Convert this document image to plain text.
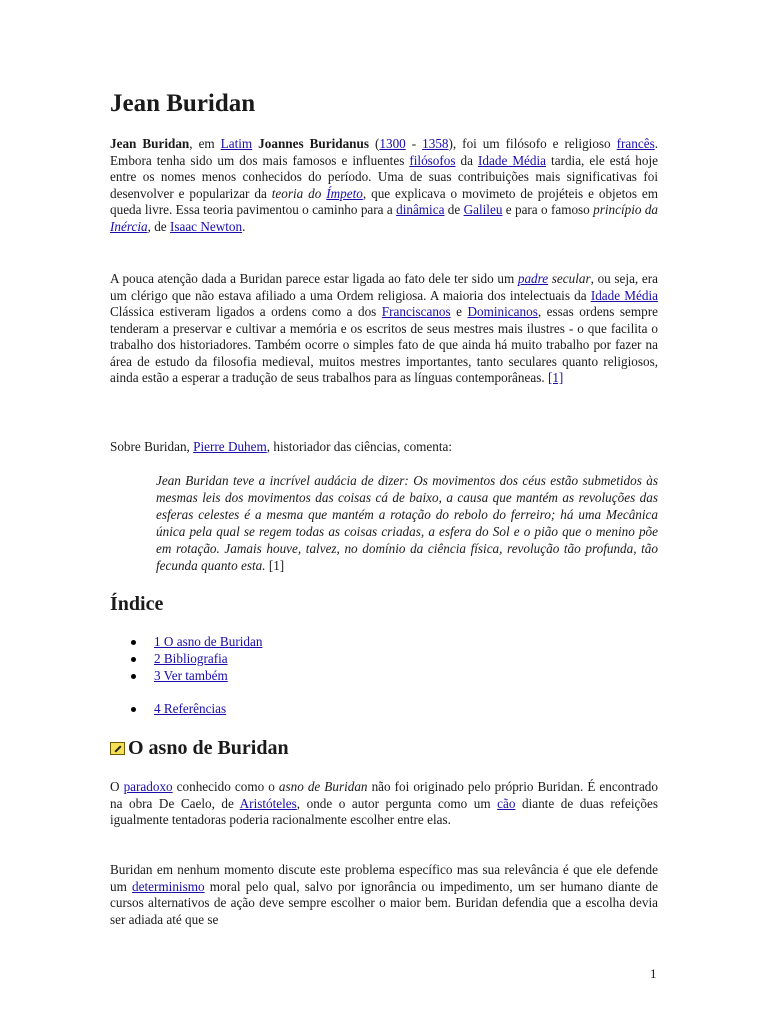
Jean Buridan

Jean Buridan, em Latim Joannes Buridanus (1300 - 1358), foi um filósofo e religioso francês. Embora tenha sido um dos mais famosos e influentes filósofos da Idade Média tardia, ele está hoje entre os nomes menos conhecidos do período. Uma de suas contribuições mais significativas foi desenvolver e popularizar da teoria do Ímpeto, que explicava o movimeto de projéteis e objetos em queda livre. Essa teoria pavimentou o caminho para a dinâmica de Galileu e para o famoso princípio da Inércia, de Isaac Newton.

A pouca atenção dada a Buridan parece estar ligada ao fato dele ter sido um padre secular, ou seja, era um clérigo que não estava afiliado a uma Ordem religiosa. A maioria dos intelectuais da Idade Média Clássica estiveram ligados a ordens como a dos Franciscanos e Dominicanos, essas ordens sempre tenderam a preservar e cultivar a memória e os escritos de seus mestres mais ilustres - o que facilita o trabalho dos historiadores. Também ocorre o simples fato de que ainda há muito trabalho por fazer na área de estudo da filosofia medieval, muitos mestres importantes, tanto seculares quanto religiosos, ainda estão a esperar a tradução de seus trabalhos para as línguas contemporâneas. [1]

Sobre Buridan, Pierre Duhem, historiador das ciências, comenta:

Jean Buridan teve a incrível audácia de dizer: Os movimentos dos céus estão submetidos às mesmas leis dos movimentos das coisas cá de baixo, a causa que mantém as revoluções das esferas celestes é a mesma que mantém a rotação do rebolo do ferreiro; há uma Mecânica única pela qual se regem todas as coisas criadas, a esfera do Sol e o pião que o menino põe em rotação. Jamais houve, talvez, no domínio da ciência física, revolução tão profunda, tão fecunda quanto esta. [1]
Índice
1 O asno de Buridan
2 Bibliografia
3 Ver também
4 Referências
O asno de Buridan

O paradoxo conhecido como o asno de Buridan não foi originado pelo próprio Buridan. É encontrado na obra De Caelo, de Aristóteles, onde o autor pergunta como um cão diante de duas refeições igualmente tentadoras poderia racionalmente escolher entre elas.

Buridan em nenhum momento discute este problema específico mas sua relevância é que ele defende um determinismo moral pelo qual, salvo por ignorância ou impedimento, um ser humano diante de cursos alternativos de ação deve sempre escolher o maior bem. Buridan defendia que a escolha devia ser adiada até que se

1
